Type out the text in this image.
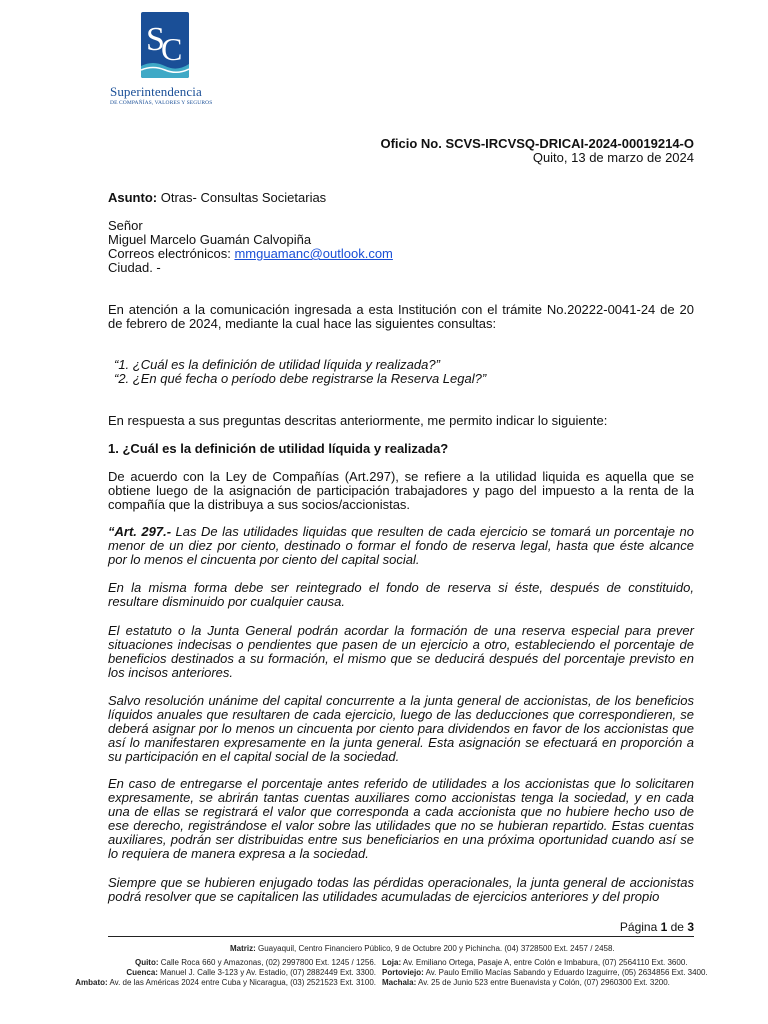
S
C
Superintendencia
DE COMPAÑÍAS, VALORES Y SEGUROS
Oficio No. SCVS-IRCVSQ-DRICAI-2024-00019214-O
Quito, 13 de marzo de 2024
Asunto: Otras- Consultas Societarias
Señor
Miguel Marcelo Guamán Calvopiña
Correos electrónicos: mmguamanc@outlook.com
Ciudad. -
En atención a la comunicación ingresada a esta Institución con el trámite No.20222-0041-24 de 20 de febrero de 2024, mediante la cual hace las siguientes consultas:
“1. ¿Cuál es la definición de utilidad líquida y realizada?”
“2. ¿En qué fecha o período debe registrarse la Reserva Legal?”
En respuesta a sus preguntas descritas anteriormente, me permito indicar lo siguiente:
1. ¿Cuál es la definición de utilidad líquida y realizada?
De acuerdo con la Ley de Compañías (Art.297), se refiere a la utilidad liquida es aquella que se obtiene luego de la asignación de participación trabajadores y pago del impuesto a la renta de la compañía que la distribuya a sus socios/accionistas.
“Art. 297.- Las De las utilidades liquidas que resulten de cada ejercicio se tomará un porcentaje no menor de un diez por ciento, destinado o formar el fondo de reserva legal, hasta que éste alcance por lo menos el cincuenta por ciento del capital social.
En la misma forma debe ser reintegrado el fondo de reserva si éste, después de constituido, resultare disminuido por cualquier causa.
El estatuto o la Junta General podrán acordar la formación de una reserva especial para prever situaciones indecisas o pendientes que pasen de un ejercicio a otro, estableciendo el porcentaje de beneficios destinados a su formación, el mismo que se deducirá después del porcentaje previsto en los incisos anteriores.
Salvo resolución unánime del capital concurrente a la junta general de accionistas, de los beneficios líquidos anuales que resultaren de cada ejercicio, luego de las deducciones que correspondieren, se deberá asignar por lo menos un cincuenta por ciento para dividendos en favor de los accionistas que así lo manifestaren expresamente en la junta general. Esta asignación se efectuará en proporción a su participación en el capital social de la sociedad.
En caso de entregarse el porcentaje antes referido de utilidades a los accionistas que lo solicitaren expresamente, se abrirán tantas cuentas auxiliares como accionistas tenga la sociedad, y en cada una de ellas se registrará el valor que corresponda a cada accionista que no hubiere hecho uso de ese derecho, registrándose el valor sobre las utilidades que no se hubieran repartido. Estas cuentas auxiliares, podrán ser distribuidas entre sus beneficiarios en una próxima oportunidad cuando así se lo requiera de manera expresa a la sociedad.
Siempre que se hubieren enjugado todas las pérdidas operacionales, la junta general de accionistas podrá resolver que se capitalicen las utilidades acumuladas de ejercicios anteriores y del propio
Página 1 de 3
Matriz: Guayaquil, Centro Financiero Público, 9 de Octubre 200 y Pichincha. (04) 3728500 Ext. 2457 / 2458.
Quito: Calle Roca 660 y Amazonas, (02) 2997800 Ext. 1245 / 1256.
Cuenca: Manuel J. Calle 3-123 y Av. Estadio, (07) 2882449 Ext. 3300.
Ambato: Av. de las Américas 2024 entre Cuba y Nicaragua, (03) 2521523 Ext. 3100.
Loja: Av. Emiliano Ortega, Pasaje A, entre Colón e Imbabura, (07) 2564110 Ext. 3600.
Portoviejo: Av. Paulo Emilio Macías Sabando y Eduardo Izaguirre, (05) 2634856 Ext. 3400.
Machala: Av. 25 de Junio 523 entre Buenavista y Colón, (07) 2960300 Ext. 3200.
